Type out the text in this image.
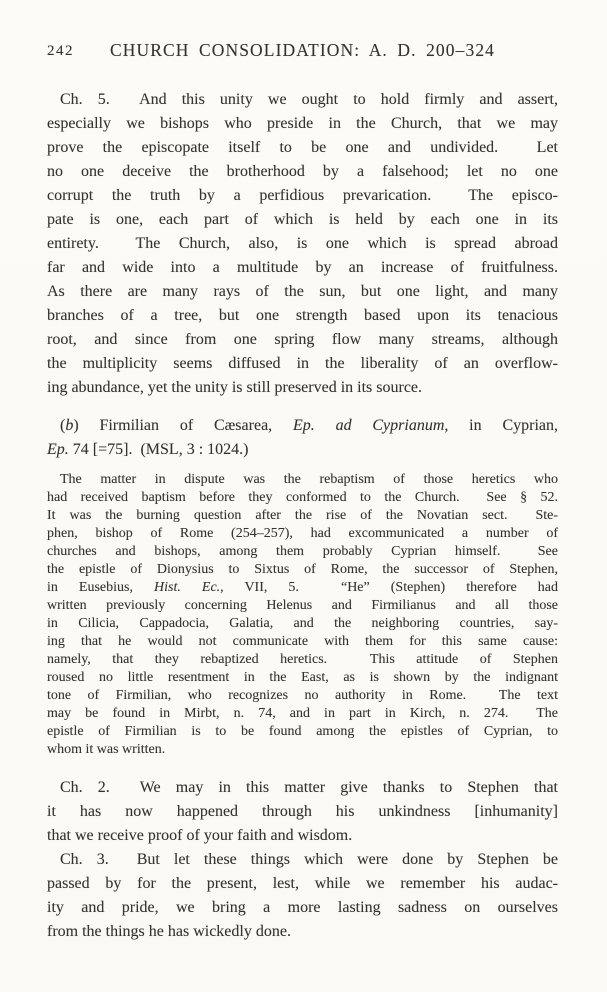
242	CHURCH CONSOLIDATION: A. D. 200–324
Ch. 5.  And this unity we ought to hold firmly and assert,
especially we bishops who preside in the Church, that we may
prove the episcopate itself to be one and undivided.  Let
no one deceive the brotherhood by a falsehood; let no one
corrupt the truth by a perfidious prevarication.  The episco-
pate is one, each part of which is held by each one in its
entirety.  The Church, also, is one which is spread abroad
far and wide into a multitude by an increase of fruitfulness.
As there are many rays of the sun, but one light, and many
branches of a tree, but one strength based upon its tenacious
root, and since from one spring flow many streams, although
the multiplicity seems diffused in the liberality of an overflow-
ing abundance, yet the unity is still preserved in its source.
(b) Firmilian of Cæsarea, Ep. ad Cyprianum, in Cyprian,
Ep. 74 [=75].  (MSL, 3 : 1024.)
The matter in dispute was the rebaptism of those heretics who
had received baptism before they conformed to the Church.  See § 52.
It was the burning question after the rise of the Novatian sect.  Ste-
phen, bishop of Rome (254–257), had excommunicated a number of
churches and bishops, among them probably Cyprian himself.  See
the epistle of Dionysius to Sixtus of Rome, the successor of Stephen,
in Eusebius, Hist. Ec., VII, 5.  “He” (Stephen) therefore had
written previously concerning Helenus and Firmilianus and all those
in Cilicia, Cappadocia, Galatia, and the neighboring countries, say-
ing that he would not communicate with them for this same cause:
namely, that they rebaptized heretics.  This attitude of Stephen
roused no little resentment in the East, as is shown by the indignant
tone of Firmilian, who recognizes no authority in Rome.  The text
may be found in Mirbt, n. 74, and in part in Kirch, n. 274.  The
epistle of Firmilian is to be found among the epistles of Cyprian, to
whom it was written.
Ch. 2.  We may in this matter give thanks to Stephen that
it has now happened through his unkindness [inhumanity]
that we receive proof of your faith and wisdom.
Ch. 3.  But let these things which were done by Stephen be
passed by for the present, lest, while we remember his audac-
ity and pride, we bring a more lasting sadness on ourselves
from the things he has wickedly done.
